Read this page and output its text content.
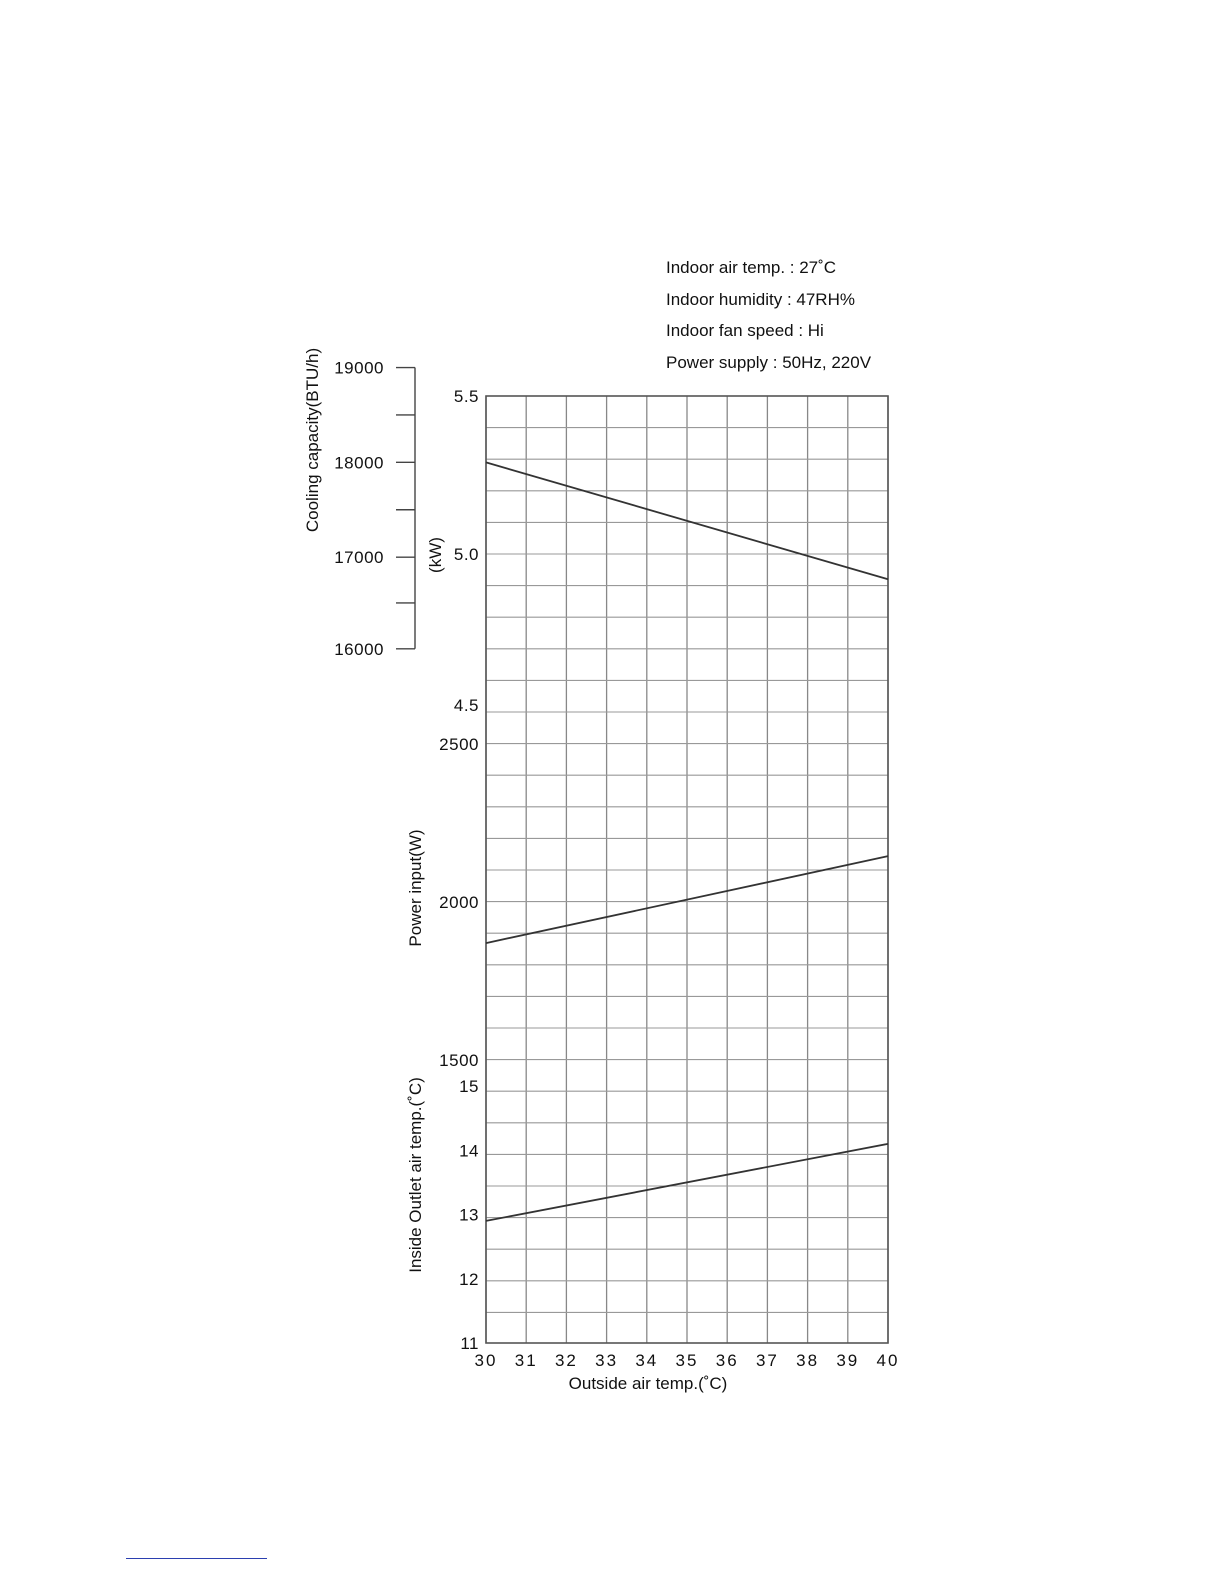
Indoor air temp. : 27˚C
Indoor humidity : 47RH%
Indoor fan speed : Hi
Power supply : 50Hz, 220V
5.5
5.0
4.5
(kW)
19000
18000
17000
16000
Cooling capacity(BTU/h)
2500
2000
1500
Power input(W)
15
14
13
12
11
Inside Outlet air temp.(˚C)
30 31 32 33 34 35 36 37 38 39 40
Outside air temp.(˚C)
